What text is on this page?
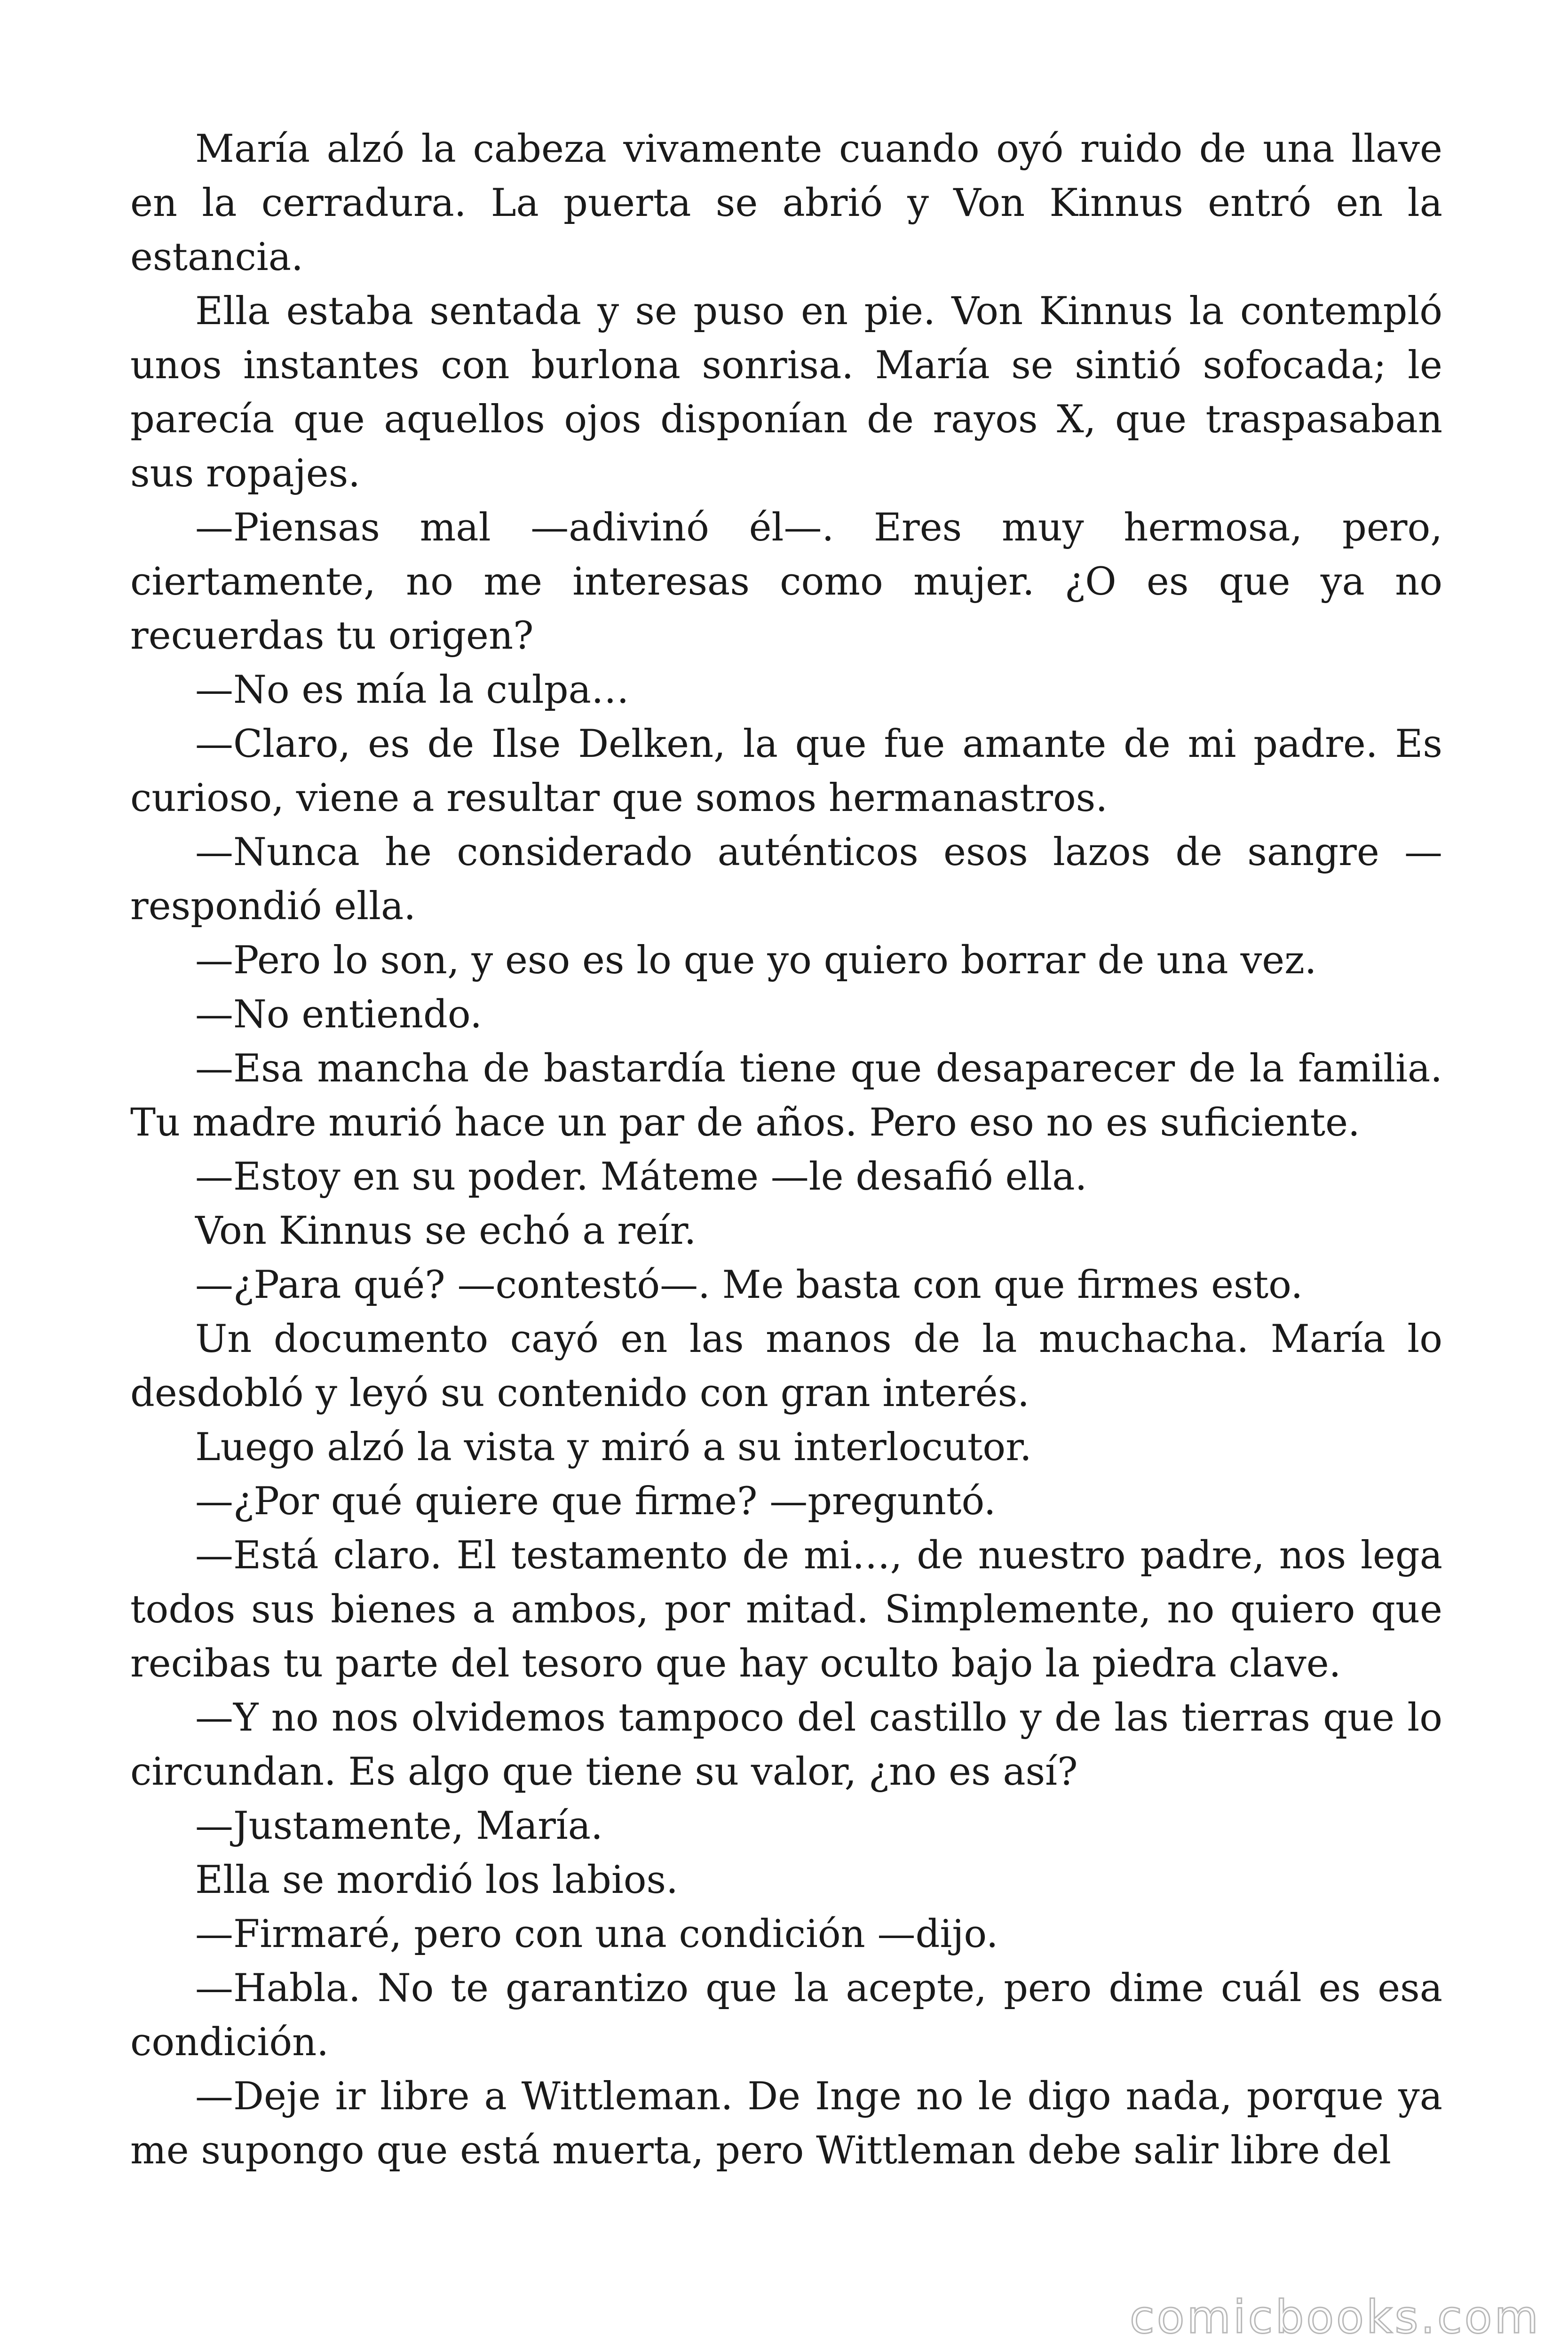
María alzó la cabeza vivamente cuando oyó ruido de una llave en la cerradura. La puerta se abrió y Von Kinnus entró en la estancia.

Ella estaba sentada y se puso en pie. Von Kinnus la contempló unos instantes con burlona sonrisa. María se sintió sofocada; le parecía que aquellos ojos disponían de rayos X, que traspasaban sus ropajes.

—Piensas mal —adivinó él—. Eres muy hermosa, pero, ciertamente, no me interesas como mujer. ¿O es que ya no recuerdas tu origen?

—No es mía la culpa…

—Claro, es de Ilse Delken, la que fue amante de mi padre. Es curioso, viene a resultar que somos hermanastros.

—Nunca he considerado auténticos esos lazos de sangre —respondió ella.

—Pero lo son, y eso es lo que yo quiero borrar de una vez.

—No entiendo.

—Esa mancha de bastardía tiene que desaparecer de la familia. Tu madre murió hace un par de años. Pero eso no es suficiente.

—Estoy en su poder. Máteme —le desafió ella.

Von Kinnus se echó a reír.

—¿Para qué? —contestó—. Me basta con que firmes esto.

Un documento cayó en las manos de la muchacha. María lo desdobló y leyó su contenido con gran interés.

Luego alzó la vista y miró a su interlocutor.

—¿Por qué quiere que firme? —preguntó.

—Está claro. El testamento de mi…, de nuestro padre, nos lega todos sus bienes a ambos, por mitad. Simplemente, no quiero que recibas tu parte del tesoro que hay oculto bajo la piedra clave.

—Y no nos olvidemos tampoco del castillo y de las tierras que lo circundan. Es algo que tiene su valor, ¿no es así?

—Justamente, María.

Ella se mordió los labios.

—Firmaré, pero con una condición —dijo.

—Habla. No te garantizo que la acepte, pero dime cuál es esa condición.

—Deje ir libre a Wittleman. De Inge no le digo nada, porque ya me supongo que está muerta, pero Wittleman debe salir libre del

comicbooks.com
